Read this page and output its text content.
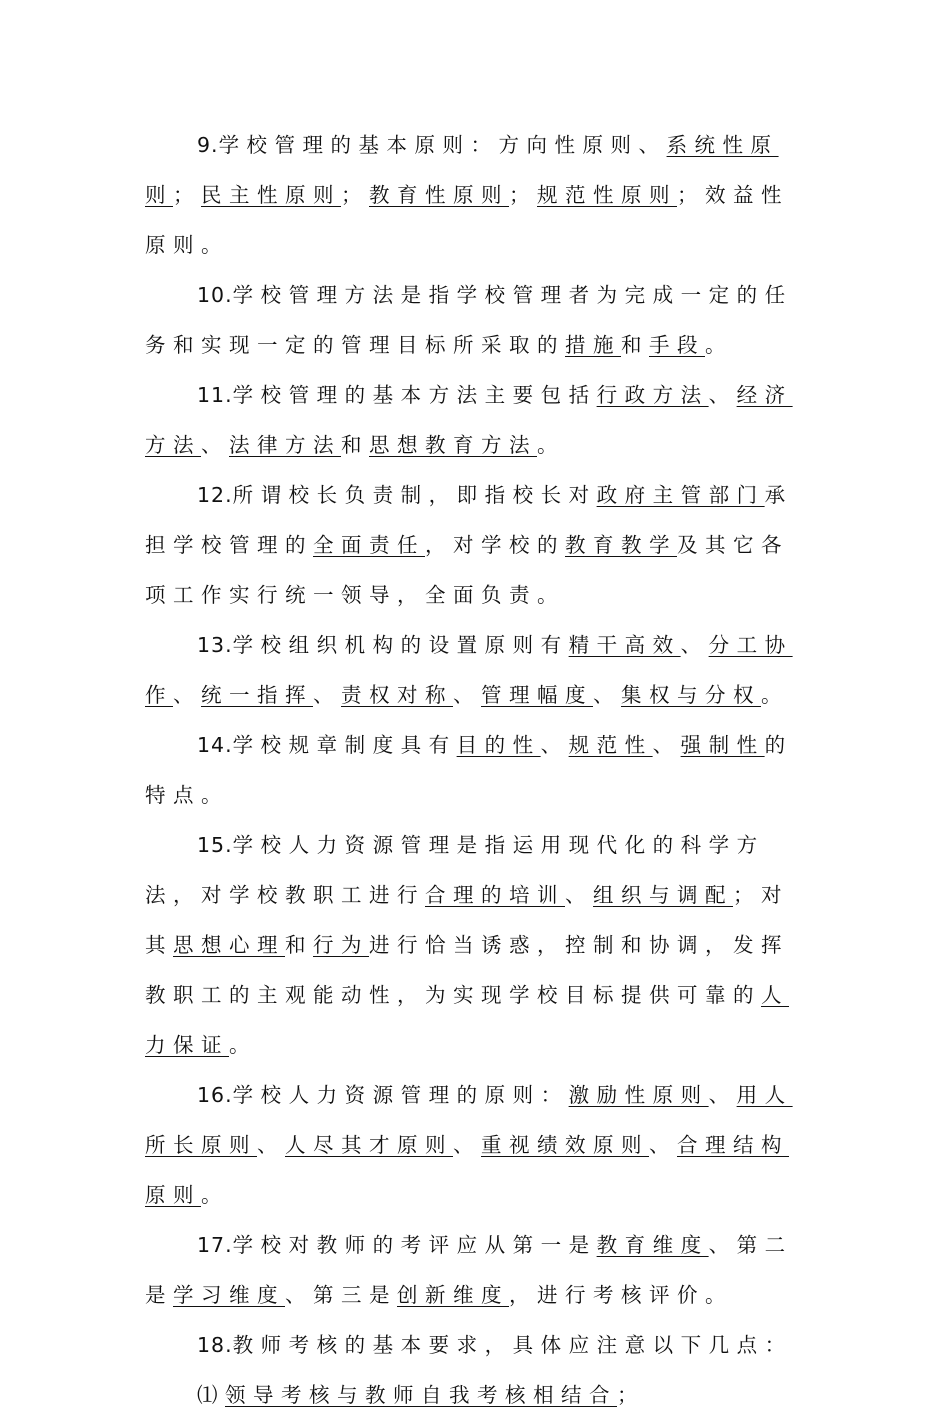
9.学校管理的基本原则：方向性原则、系统性原则；民主性原则；教育性原则；规范性原则；效益性原则。

10.学校管理方法是指学校管理者为完成一定的任务和实现一定的管理目标所采取的措施和手段。

11.学校管理的基本方法主要包括行政方法、经济方法、法律方法和思想教育方法。

12.所谓校长负责制，即指校长对政府主管部门承担学校管理的全面责任，对学校的教育教学及其它各项工作实行统一领导，全面负责。

13.学校组织机构的设置原则有精干高效、分工协作、统一指挥、责权对称、管理幅度、集权与分权。

14.学校规章制度具有目的性、规范性、强制性的特点。

15.学校人力资源管理是指运用现代化的科学方法，对学校教职工进行合理的培训、组织与调配；对其思想心理和行为进行恰当诱惑，控制和协调，发挥教职工的主观能动性，为实现学校目标提供可靠的人力保证。

16.学校人力资源管理的原则：激励性原则、用人所长原则、人尽其才原则、重视绩效原则、合理结构原则。

17.学校对教师的考评应从第一是教育维度、第二是学习维度、第三是创新维度，进行考核评价。

18.教师考核的基本要求，具体应注意以下几点：

⑴领导考核与教师自我考核相结合；
